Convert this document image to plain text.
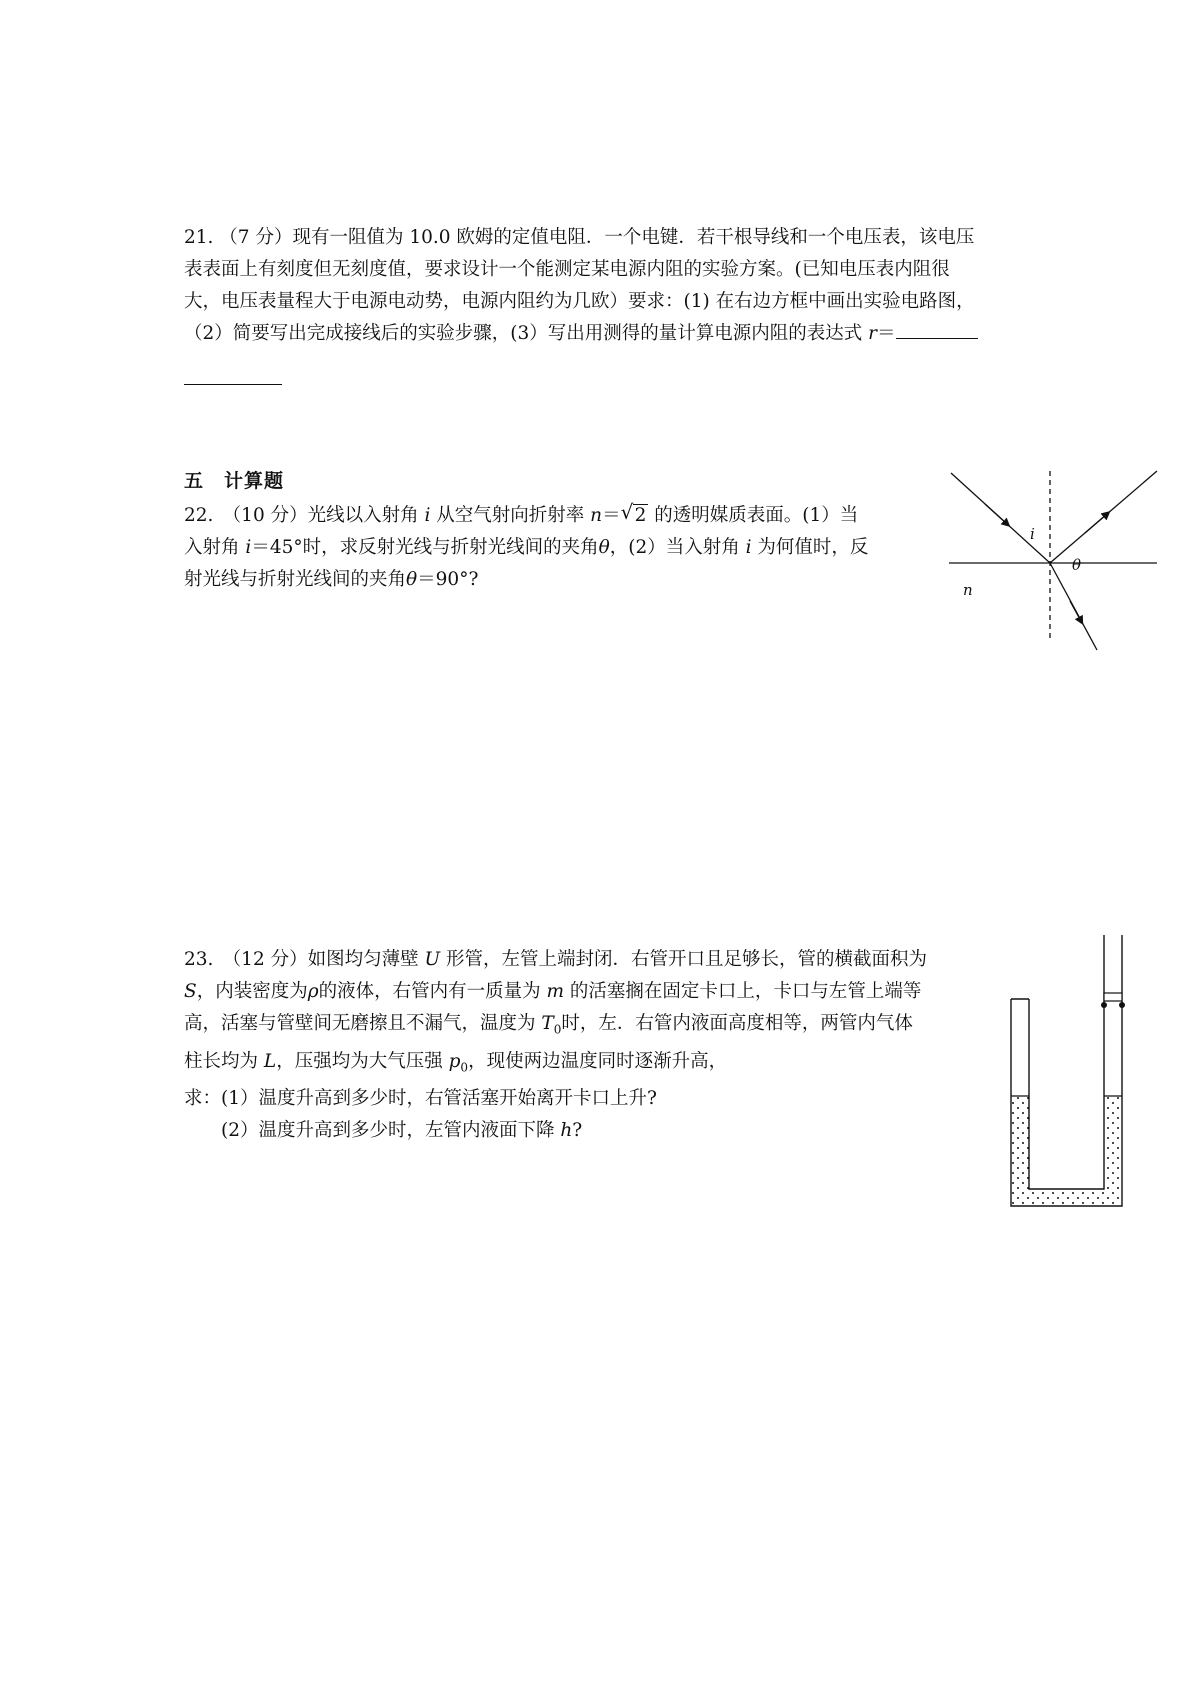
21. （7 分）现有一阻值为 10.0 欧姆的定值电阻．一个电键．若干根导线和一个电压表，该电压
表表面上有刻度但无刻度值，要求设计一个能测定某电源内阻的实验方案。(已知电压表内阻很
大，电压表量程大于电源电动势，电源内阻约为几欧）要求：(1) 在右边方框中画出实验电路图，
（2）简要写出完成接线后的实验步骤，(3）写出用测得的量计算电源内阻的表达式 r＝
五　计算题
22.　（10 分）光线以入射角 i 从空气射向折射率 n＝ √ 2 的透明媒质表面。(1）当
入射角 i＝45°时，求反射光线与折射光线间的夹角θ，(2）当入射角 i 为何值时，反
射光线与折射光线间的夹角θ＝90°?
i
θ
n
23.　（12 分）如图均匀薄壁 U 形管，左管上端封闭．右管开口且足够长，管的横截面积为
S，内装密度为ρ的液体，右管内有一质量为 m 的活塞搁在固定卡口上，卡口与左管上端等
高，活塞与管壁间无磨擦且不漏气，温度为 $T_0$时，左．右管内液面高度相等，两管内气体
柱长均为 L，压强均为大气压强 $p_0$，现使两边温度同时逐渐升高，
求：(1）温度升高到多少时，右管活塞开始离开卡口上升?
　　(2）温度升高到多少时，左管内液面下降 h?
